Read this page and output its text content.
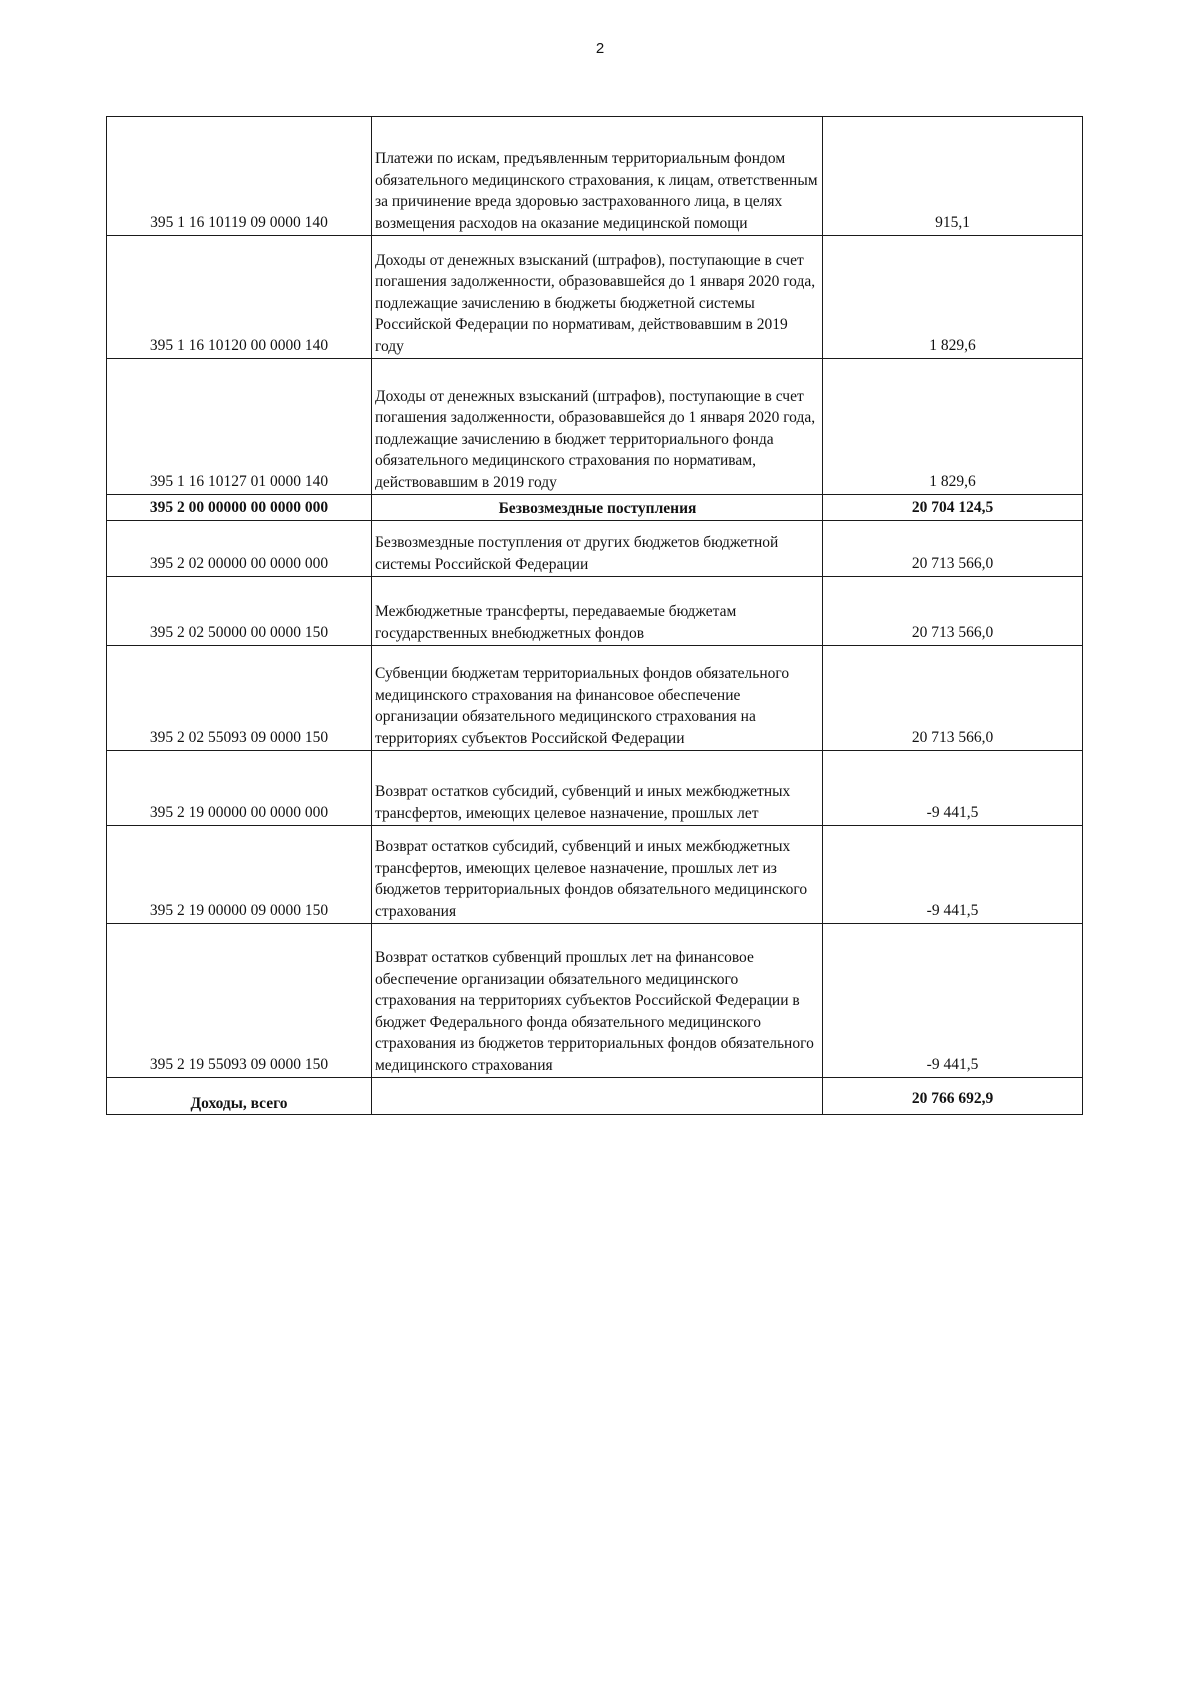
2
395 1 16 10119 09 0000 140	Платежи по искам, предъявленным территориальным фондом обязательного медицинского страхования, к лицам, ответственным за причинение вреда здоровью застрахованного лица, в целях возмещения расходов на оказание медицинской помощи	915,1
395 1 16 10120 00 0000 140	Доходы от денежных взысканий (штрафов), поступающие в счет погашения задолженности, образовавшейся до 1 января 2020 года, подлежащие зачислению в бюджеты бюджетной системы Российской Федерации по нормативам, действовавшим в 2019 году	1 829,6
395 1 16 10127 01 0000 140	Доходы от денежных взысканий (штрафов), поступающие в счет погашения задолженности, образовавшейся до 1 января 2020 года, подлежащие зачислению в бюджет территориального фонда обязательного медицинского страхования по нормативам, действовавшим в 2019 году	1 829,6
395 2 00 00000 00 0000 000	Безвозмездные поступления	20 704 124,5
395 2 02 00000 00 0000 000	Безвозмездные поступления от других бюджетов бюджетной системы Российской Федерации	20 713 566,0
395 2 02 50000 00 0000 150	Межбюджетные трансферты, передаваемые бюджетам государственных внебюджетных фондов	20 713 566,0
395 2 02 55093 09 0000 150	Субвенции бюджетам территориальных фондов обязательного медицинского страхования на финансовое обеспечение организации обязательного медицинского страхования на территориях субъектов Российской Федерации	20 713 566,0
395 2 19 00000 00 0000 000	Возврат остатков субсидий, субвенций и иных межбюджетных трансфертов, имеющих целевое назначение, прошлых лет	-9 441,5
395 2 19 00000 09 0000 150	Возврат остатков субсидий, субвенций и иных межбюджетных трансфертов, имеющих целевое назначение, прошлых лет из бюджетов территориальных фондов обязательного медицинского страхования	-9 441,5
395 2 19 55093 09 0000 150	Возврат остатков субвенций прошлых лет на финансовое обеспечение организации обязательного медицинского страхования на территориях субъектов Российской Федерации в бюджет Федерального фонда обязательного медицинского страхования из бюджетов территориальных фондов обязательного медицинского страхования	-9 441,5
Доходы, всего		20 766 692,9
